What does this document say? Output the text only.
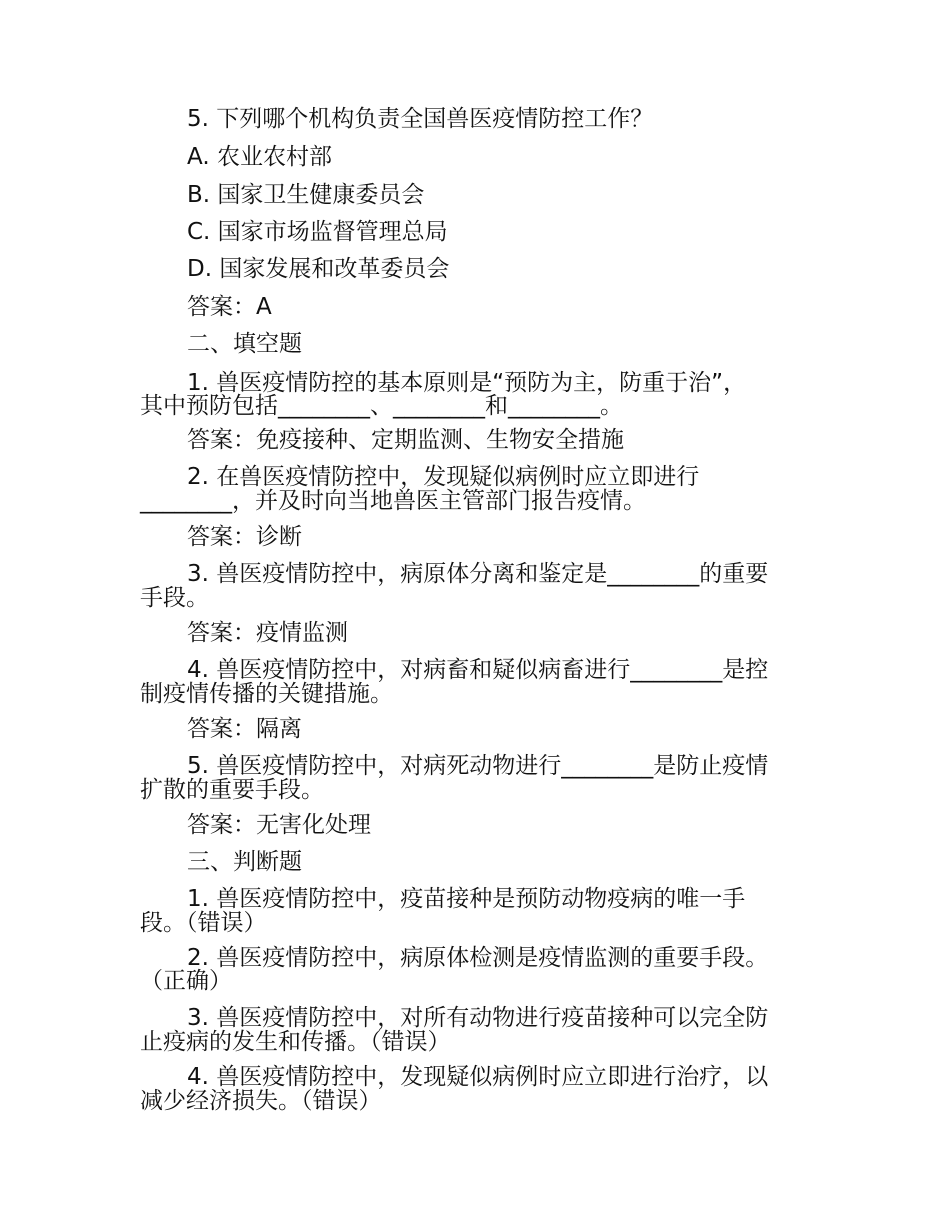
5. 下列哪个机构负责全国兽医疫情防控工作？
A. 农业农村部
B. 国家卫生健康委员会
C. 国家市场监督管理总局
D. 国家发展和改革委员会
答案：A
二、填空题
1. 兽医疫情防控的基本原则是“预防为主，防重于治”，
其中预防包括________、________和________。
答案：免疫接种、定期监测、生物安全措施
2. 在兽医疫情防控中，发现疑似病例时应立即进行
________，并及时向当地兽医主管部门报告疫情。
答案：诊断
3. 兽医疫情防控中，病原体分离和鉴定是________的重要
手段。
答案：疫情监测
4. 兽医疫情防控中，对病畜和疑似病畜进行________是控
制疫情传播的关键措施。
答案：隔离
5. 兽医疫情防控中，对病死动物进行________是防止疫情
扩散的重要手段。
答案：无害化处理
三、判断题
1. 兽医疫情防控中，疫苗接种是预防动物疫病的唯一手
段。（错误）
2. 兽医疫情防控中，病原体检测是疫情监测的重要手段。
（正确）
3. 兽医疫情防控中，对所有动物进行疫苗接种可以完全防
止疫病的发生和传播。（错误）
4. 兽医疫情防控中，发现疑似病例时应立即进行治疗，以
减少经济损失。（错误）
